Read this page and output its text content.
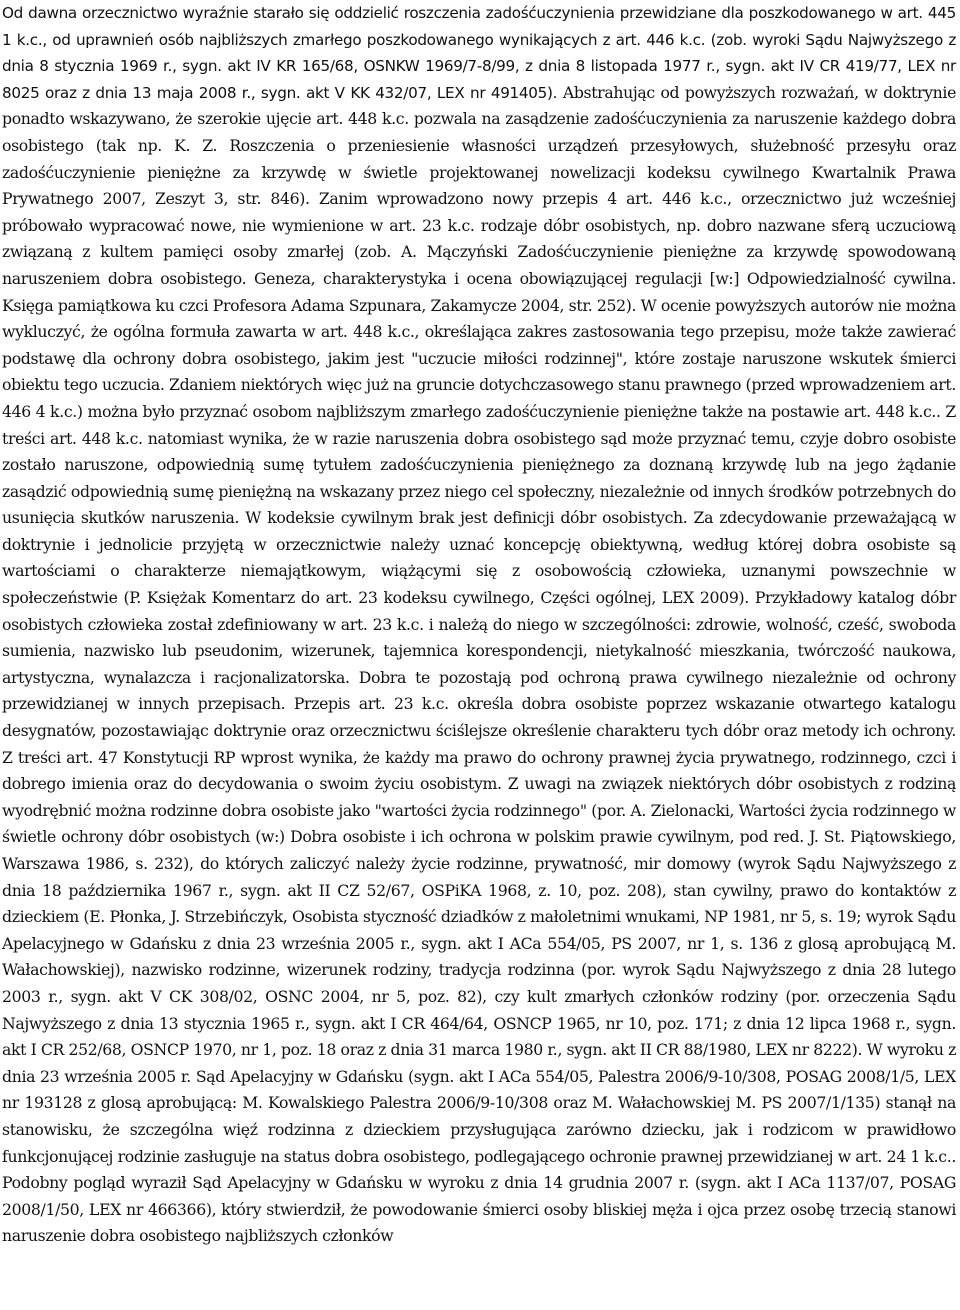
Od dawna orzecznictwo wyraźnie starało się oddzielić roszczenia zadośćuczynienia przewidziane dla poszkodowanego w art. 445 1 k.c., od uprawnień osób najbliższych zmarłego poszkodowanego wynikających z art. 446 k.c. (zob. wyroki Sądu Najwyższego z dnia 8 stycznia 1969 r., sygn. akt IV KR 165/68, OSNKW 1969/7-8/99, z dnia 8 listopada 1977 r., sygn. akt IV CR 419/77, LEX nr 8025 oraz z dnia 13 maja 2008 r., sygn. akt V KK 432/07, LEX nr 491405). Abstrahując od powyższych rozważań, w doktrynie ponadto wskazywano, że szerokie ujęcie art. 448 k.c. pozwala na zasądzenie zadośćuczynienia za naruszenie każdego dobra osobistego (tak np. K. Z. Roszczenia o przeniesienie własności urządzeń przesyłowych, służebność przesyłu oraz zadośćuczynienie pieniężne za krzywdę w świetle projektowanej nowelizacji kodeksu cywilnego Kwartalnik Prawa Prywatnego 2007, Zeszyt 3, str. 846). Zanim wprowadzono nowy przepis 4 art. 446 k.c., orzecznictwo już wcześniej próbowało wypracować nowe, nie wymienione w art. 23 k.c. rodzaje dóbr osobistych, np. dobro nazwane sferą uczuciową związaną z kultem pamięci osoby zmarłej (zob. A. Mączyński Zadośćuczynienie pieniężne za krzywdę spowodowaną naruszeniem dobra osobistego. Geneza, charakterystyka i ocena obowiązującej regulacji [w:] Odpowiedzialność cywilna. Księga pamiątkowa ku czci Profesora Adama Szpunara, Zakamycze 2004, str. 252). W ocenie powyższych autorów nie można wykluczyć, że ogólna formuła zawarta w art. 448 k.c., określająca zakres zastosowania tego przepisu, może także zawierać podstawę dla ochrony dobra osobistego, jakim jest "uczucie miłości rodzinnej", które zostaje naruszone wskutek śmierci obiektu tego uczucia. Zdaniem niektórych więc już na gruncie dotychczasowego stanu prawnego (przed wprowadzeniem art. 446 4 k.c.) można było przyznać osobom najbliższym zmarłego zadośćuczynienie pieniężne także na postawie art. 448 k.c.. Z treści art. 448 k.c. natomiast wynika, że w razie naruszenia dobra osobistego sąd może przyznać temu, czyje dobro osobiste zostało naruszone, odpowiednią sumę tytułem zadośćuczynienia pieniężnego za doznaną krzywdę lub na jego żądanie zasądzić odpowiednią sumę pieniężną na wskazany przez niego cel społeczny, niezależnie od innych środków potrzebnych do usunięcia skutków naruszenia. W kodeksie cywilnym brak jest definicji dóbr osobistych. Za zdecydowanie przeważającą w doktrynie i jednolicie przyjętą w orzecznictwie należy uznać koncepcję obiektywną, według której dobra osobiste są wartościami o charakterze niemajątkowym, wiążącymi się z osobowością człowieka, uznanymi powszechnie w społeczeństwie (P. Księżak Komentarz do art. 23 kodeksu cywilnego, Części ogólnej, LEX 2009). Przykładowy katalog dóbr osobistych człowieka został zdefiniowany w art. 23 k.c. i należą do niego w szczególności: zdrowie, wolność, cześć, swoboda sumienia, nazwisko lub pseudonim, wizerunek, tajemnica korespondencji, nietykalność mieszkania, twórczość naukowa, artystyczna, wynalazcza i racjonalizatorska. Dobra te pozostają pod ochroną prawa cywilnego niezależnie od ochrony przewidzianej w innych przepisach. Przepis art. 23 k.c. określa dobra osobiste poprzez wskazanie otwartego katalogu desygnatów, pozostawiając doktrynie oraz orzecznictwu ściślejsze określenie charakteru tych dóbr oraz metody ich ochrony. Z treści art. 47 Konstytucji RP wprost wynika, że każdy ma prawo do ochrony prawnej życia prywatnego, rodzinnego, czci i dobrego imienia oraz do decydowania o swoim życiu osobistym. Z uwagi na związek niektórych dóbr osobistych z rodziną wyodrębnić można rodzinne dobra osobiste jako "wartości życia rodzinnego" (por. A. Zielonacki, Wartości życia rodzinnego w świetle ochrony dóbr osobistych (w:) Dobra osobiste i ich ochrona w polskim prawie cywilnym, pod red. J. St. Piątowskiego, Warszawa 1986, s. 232), do których zaliczyć należy życie rodzinne, prywatność, mir domowy (wyrok Sądu Najwyższego z dnia 18 października 1967 r., sygn. akt II CZ 52/67, OSPiKA 1968, z. 10, poz. 208), stan cywilny, prawo do kontaktów z dzieckiem (E. Płonka, J. Strzebińczyk, Osobista styczność dziadków z małoletnimi wnukami, NP 1981, nr 5, s. 19; wyrok Sądu Apelacyjnego w Gdańsku z dnia 23 września 2005 r., sygn. akt I ACa 554/05, PS 2007, nr 1, s. 136 z glosą aprobującą M. Wałachowskiej), nazwisko rodzinne, wizerunek rodziny, tradycja rodzinna (por. wyrok Sądu Najwyższego z dnia 28 lutego 2003 r., sygn. akt V CK 308/02, OSNC 2004, nr 5, poz. 82), czy kult zmarłych członków rodziny (por. orzeczenia Sądu Najwyższego z dnia 13 stycznia 1965 r., sygn. akt I CR 464/64, OSNCP 1965, nr 10, poz. 171; z dnia 12 lipca 1968 r., sygn. akt I CR 252/68, OSNCP 1970, nr 1, poz. 18 oraz z dnia 31 marca 1980 r., sygn. akt II CR 88/1980, LEX nr 8222). W wyroku z dnia 23 września 2005 r. Sąd Apelacyjny w Gdańsku (sygn. akt I ACa 554/05, Palestra 2006/9-10/308, POSAG 2008/1/5, LEX nr 193128 z glosą aprobującą: M. Kowalskiego Palestra 2006/9-10/308 oraz M. Wałachowskiej M. PS 2007/1/135) stanął na stanowisku, że szczególna więź rodzinna z dzieckiem przysługująca zarówno dziecku, jak i rodzicom w prawidłowo funkcjonującej rodzinie zasługuje na status dobra osobistego, podlegającego ochronie prawnej przewidzianej w art. 24 1 k.c.. Podobny pogląd wyraził Sąd Apelacyjny w Gdańsku w wyroku z dnia 14 grudnia 2007 r. (sygn. akt I ACa 1137/07, POSAG 2008/1/50, LEX nr 466366), który stwierdził, że powodowanie śmierci osoby bliskiej męża i ojca przez osobę trzecią stanowi naruszenie dobra osobistego najbliższych członków
